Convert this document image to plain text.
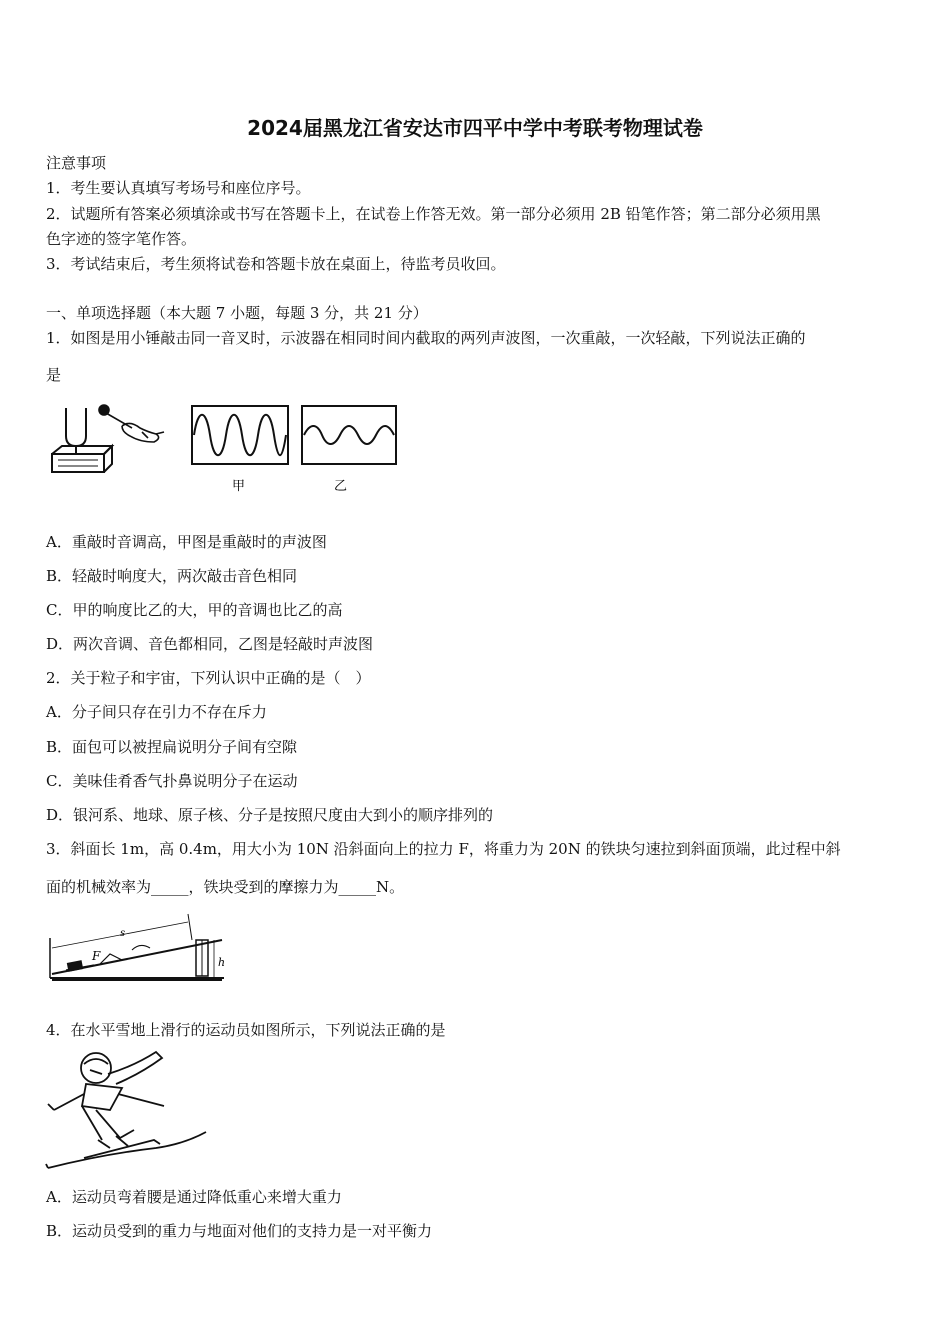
2024届黑龙江省安达市四平中学中考联考物理试卷
注意事项
1．考生要认真填写考场号和座位序号。
2．试题所有答案必须填涂或书写在答题卡上，在试卷上作答无效。第一部分必须用 2B 铅笔作答；第二部分必须用黑
色字迹的签字笔作答。
3．考试结束后，考生须将试卷和答题卡放在桌面上，待监考员收回。
一、单项选择题（本大题 7 小题，每题 3 分，共 21 分）
1．如图是用小锤敲击同一音叉时，示波器在相同时间内截取的两列声波图，一次重敲，一次轻敲，下列说法正确的
是
甲	乙
A．重敲时音调高，甲图是重敲时的声波图
B．轻敲时响度大，两次敲击音色相同
C．甲的响度比乙的大，甲的音调也比乙的高
D．两次音调、音色都相同，乙图是轻敲时声波图
2．关于粒子和宇宙，下列认识中正确的是（　）
A．分子间只存在引力不存在斥力
B．面包可以被捏扁说明分子间有空隙
C．美味佳肴香气扑鼻说明分子在运动
D．银河系、地球、原子核、分子是按照尺度由大到小的顺序排列的
3．斜面长 1m，高 0.4m，用大小为 10N 沿斜面向上的拉力 F，将重力为 20N 的铁块匀速拉到斜面顶端，此过程中斜
面的机械效率为_____，铁块受到的摩擦力为_____N。
s
F	h
4．在水平雪地上滑行的运动员如图所示，下列说法正确的是
A．运动员弯着腰是通过降低重心来增大重力
B．运动员受到的重力与地面对他们的支持力是一对平衡力
